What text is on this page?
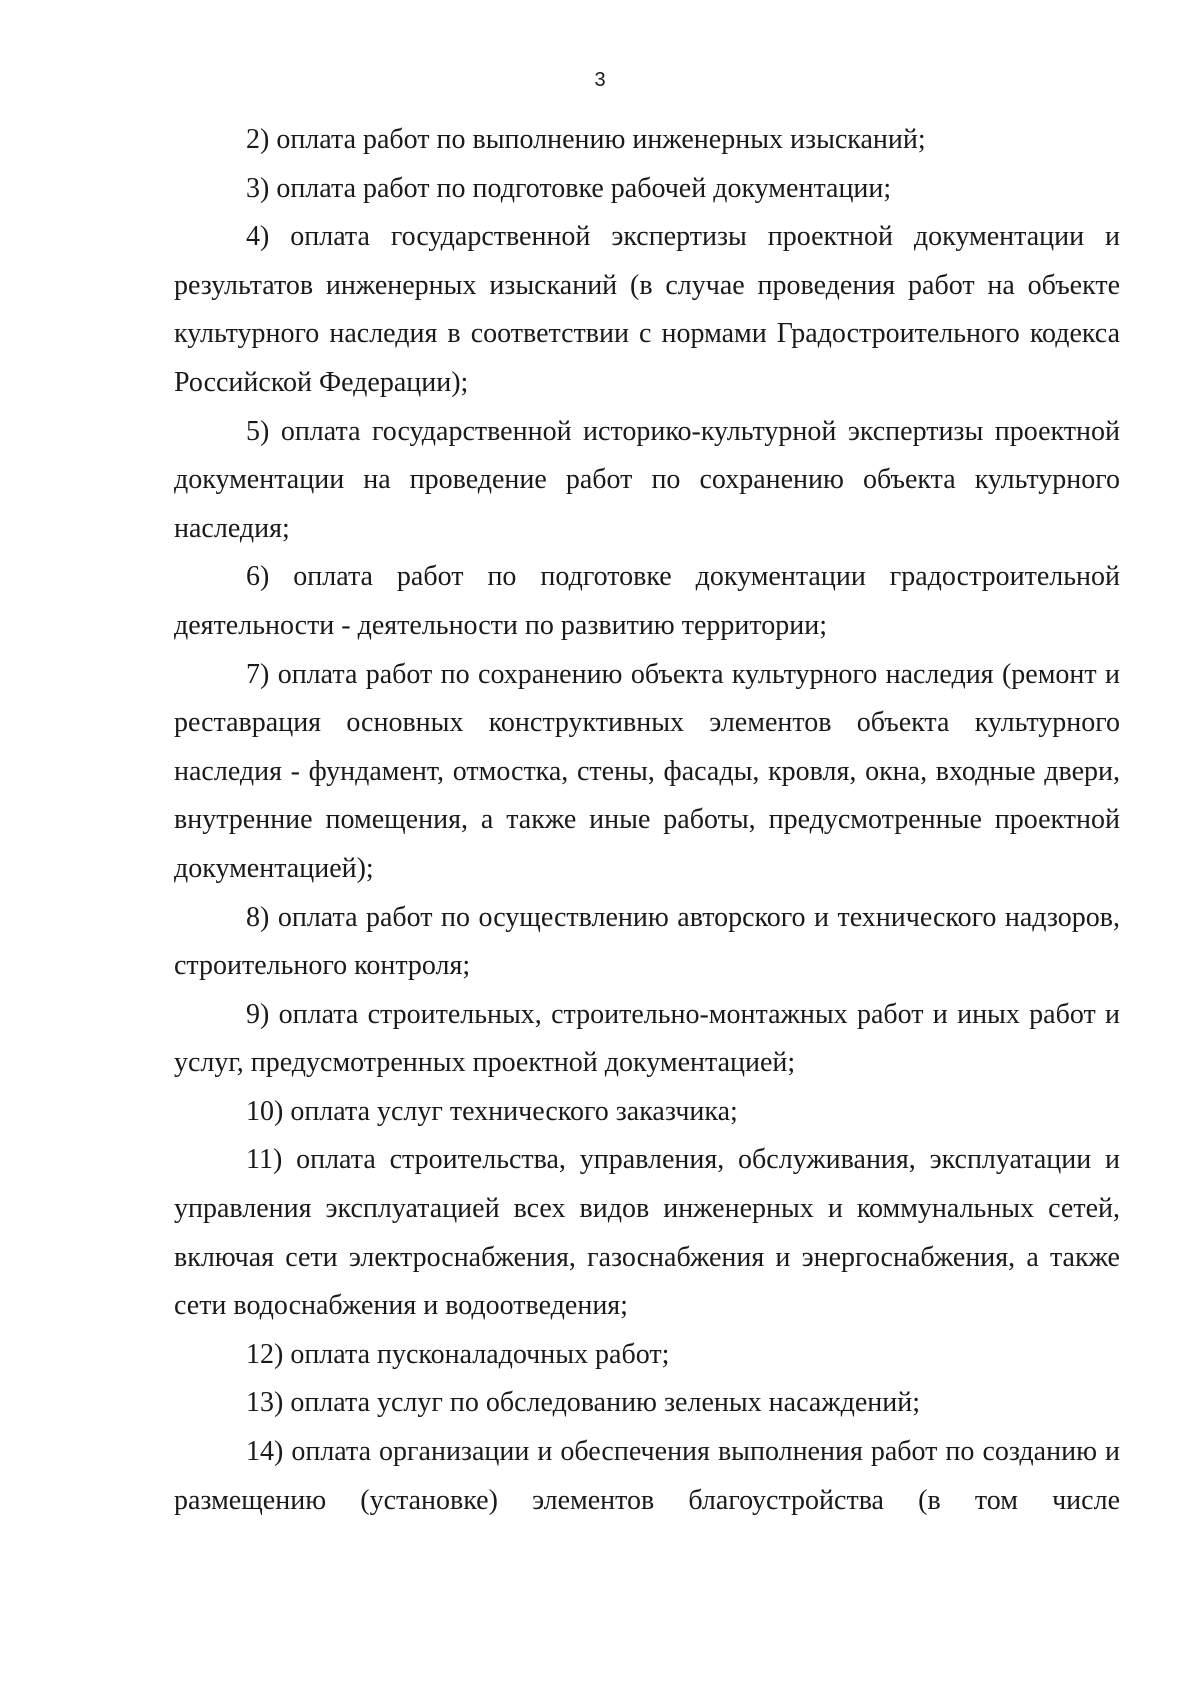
3

2) оплата работ по выполнению инженерных изысканий;

3) оплата работ по подготовке рабочей документации;

4) оплата государственной экспертизы проектной документации и результатов инженерных изысканий (в случае проведения работ на объекте культурного наследия в соответствии с нормами Градостроительного кодекса Российской Федерации);

5) оплата государственной историко-культурной экспертизы проектной документации на проведение работ по сохранению объекта культурного наследия;

6) оплата работ по подготовке документации градостроительной деятельности - деятельности по развитию территории;

7) оплата работ по сохранению объекта культурного наследия (ремонт и реставрация основных конструктивных элементов объекта культурного наследия - фундамент, отмостка, стены, фасады, кровля, окна, входные двери, внутренние помещения, а также иные работы, предусмотренные проектной документацией);

8) оплата работ по осуществлению авторского и технического надзоров, строительного контроля;

9) оплата строительных, строительно-монтажных работ и иных работ и услуг, предусмотренных проектной документацией;

10) оплата услуг технического заказчика;

11) оплата строительства, управления, обслуживания, эксплуатации и управления эксплуатацией всех видов инженерных и коммунальных сетей, включая сети электроснабжения, газоснабжения и энергоснабжения, а также сети водоснабжения и водоотведения;

12) оплата пусконаладочных работ;

13) оплата услуг по обследованию зеленых насаждений;

14) оплата организации и обеспечения выполнения работ по созданию и размещению (установке) элементов благоустройства (в том числе
